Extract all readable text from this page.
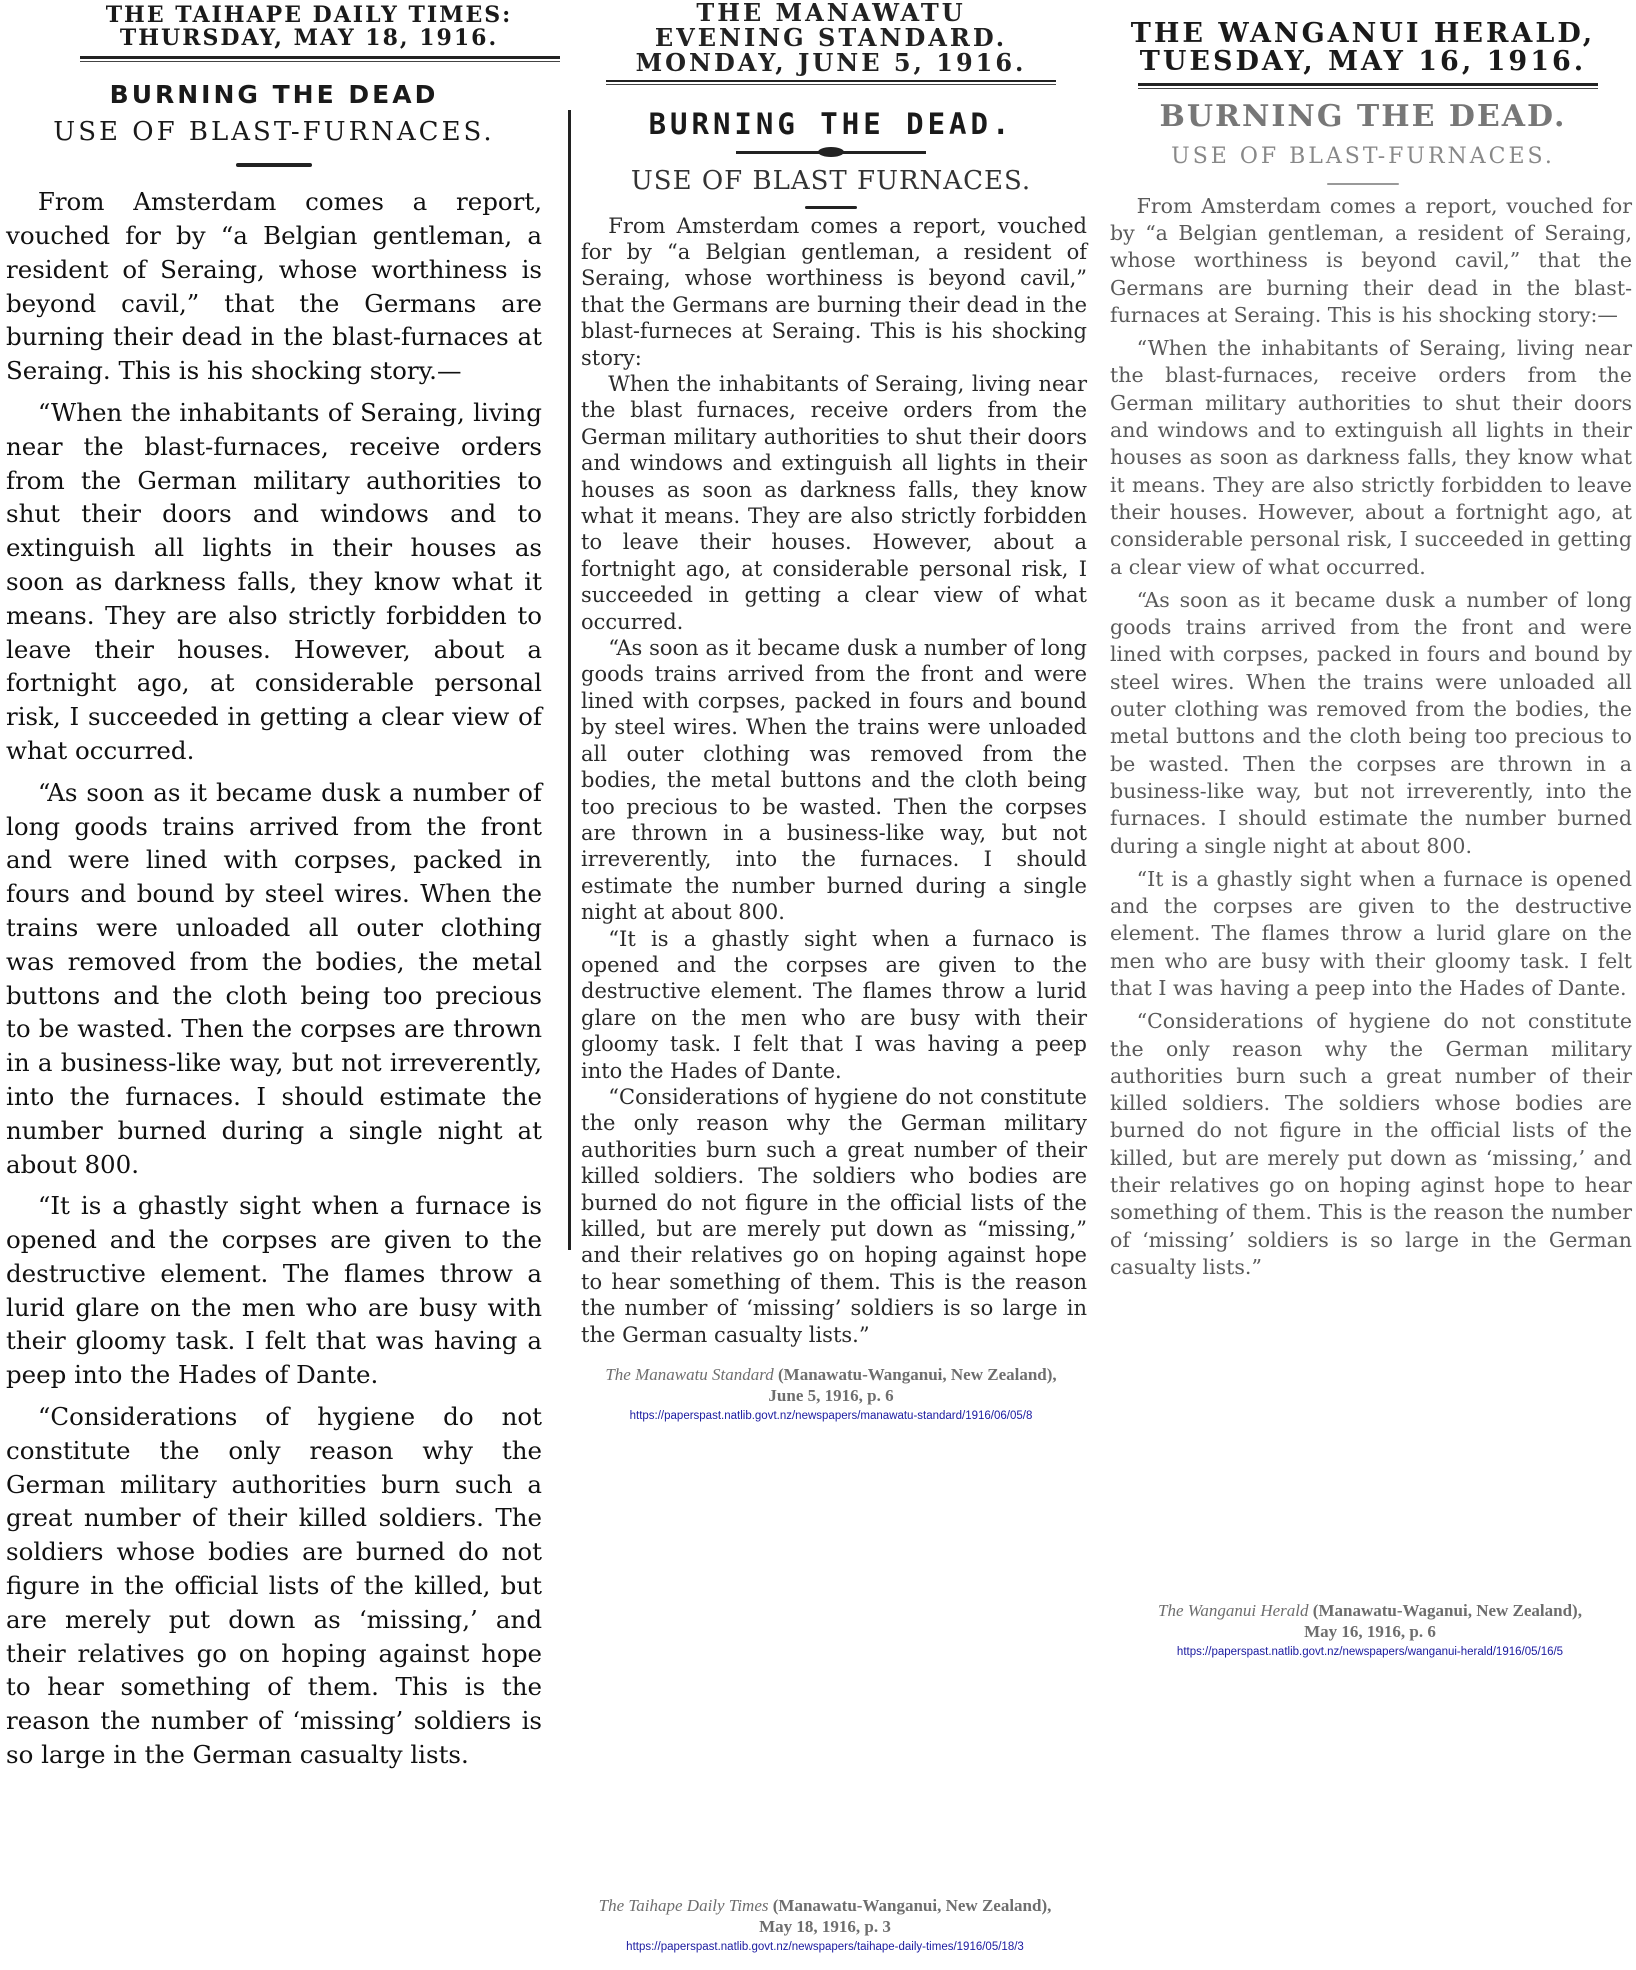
THE TAIHAPE DAILY TIMES:
THURSDAY, MAY 18, 1916.
BURNING THE DEAD
USE OF BLAST-FURNACES.

From Amsterdam comes a report, vouched for by “a Belgian gentleman, a resident of Seraing, whose worthiness is beyond cavil,” that the Germans are burning their dead in the blast-furnaces at Seraing. This is his shocking story.—

“When the inhabitants of Seraing, living near the blast-furnaces, receive orders from the German military authorities to shut their doors and windows and to extinguish all lights in their houses as soon as darkness falls, they know what it means. They are also strictly forbidden to leave their houses. However, about a fortnight ago, at considerable personal risk, I succeeded in getting a clear view of what occurred.

“As soon as it became dusk a number of long goods trains arrived from the front and were lined with corpses, packed in fours and bound by steel wires. When the trains were unloaded all outer clothing was removed from the bodies, the metal buttons and the cloth being too precious to be wasted. Then the corpses are thrown in a business-like way, but not irreverently, into the furnaces. I should estimate the number burned during a single night at about 800.

“It is a ghastly sight when a furnace is opened and the corpses are given to the destructive element. The flames throw a lurid glare on the men who are busy with their gloomy task. I felt that was having a peep into the Hades of Dante.

“Considerations of hygiene do not constitute the only reason why the German military authorities burn such a great number of their killed soldiers. The soldiers whose bodies are burned do not figure in the official lists of the killed, but are merely put down as ‘missing,’ and their relatives go on hoping against hope to hear something of them. This is the reason the number of ‘missing’ soldiers is so large in the German casualty lists.

THE MANAWATU
EVENING STANDARD.
MONDAY, JUNE 5, 1916.
BURNING THE DEAD.
USE OF BLAST FURNACES.

From Amsterdam comes a report, vouched for by “a Belgian gentleman, a resident of Seraing, whose worthiness is beyond cavil,” that the Germans are burning their dead in the blast-furneces at Seraing. This is his shocking story:

When the inhabitants of Seraing, living near the blast furnaces, receive orders from the German military authorities to shut their doors and windows and extinguish all lights in their houses as soon as darkness falls, they know what it means. They are also strictly forbidden to leave their houses. However, about a fortnight ago, at considerable personal risk, I succeeded in getting a clear view of what occurred.

“As soon as it became dusk a number of long goods trains arrived from the front and were lined with corpses, packed in fours and bound by steel wires. When the trains were unloaded all outer clothing was removed from the bodies, the metal buttons and the cloth being too precious to be wasted. Then the corpses are thrown in a business-like way, but not irreverently, into the furnaces. I should estimate the number burned during a single night at about 800.

“It is a ghastly sight when a furnaco is opened and the corpses are given to the destructive element. The flames throw a lurid glare on the men who are busy with their gloomy task. I felt that I was having a peep into the Hades of Dante.

“Considerations of hygiene do not constitute the only reason why the German military authorities burn such a great number of their killed soldiers. The soldiers who bodies are burned do not figure in the official lists of the killed, but are merely put down as “missing,” and their relatives go on hoping against hope to hear something of them. This is the reason the number of ‘missing’ soldiers is so large in the German casualty lists.”

The Manawatu Standard (Manawatu-Wanganui, New Zealand),
June 5, 1916, p. 6
https://paperspast.natlib.govt.nz/newspapers/manawatu-standard/1916/06/05/8
THE WANGANUI HERALD,
TUESDAY, MAY 16, 1916.
BURNING THE DEAD.
USE OF BLAST-FURNACES.

From Amsterdam comes a report, vouched for by “a Belgian gentleman, a resident of Seraing, whose worthiness is beyond cavil,” that the Germans are burning their dead in the blast-furnaces at Seraing. This is his shocking story:—

“When the inhabitants of Seraing, living near the blast-furnaces, receive orders from the German military authorities to shut their doors and windows and to extinguish all lights in their houses as soon as darkness falls, they know what it means. They are also strictly forbidden to leave their houses. However, about a fortnight ago, at considerable personal risk, I succeeded in getting a clear view of what occurred.

“As soon as it became dusk a number of long goods trains arrived from the front and were lined with corpses, packed in fours and bound by steel wires. When the trains were unloaded all outer clothing was removed from the bodies, the metal buttons and the cloth being too precious to be wasted. Then the corpses are thrown in a business-like way, but not irreverently, into the furnaces. I should estimate the number burned during a single night at about 800.

“It is a ghastly sight when a furnace is opened and the corpses are given to the destructive element. The flames throw a lurid glare on the men who are busy with their gloomy task. I felt that I was having a peep into the Hades of Dante.

“Considerations of hygiene do not constitute the only reason why the German military authorities burn such a great number of their killed soldiers. The soldiers whose bodies are burned do not figure in the official lists of the killed, but are merely put down as ‘missing,’ and their relatives go on hoping aginst hope to hear something of them. This is the reason the number of ‘missing’ soldiers is so large in the German casualty lists.”

The Wanganui Herald (Manawatu-Waganui, New Zealand),
May 16, 1916, p. 6
https://paperspast.natlib.govt.nz/newspapers/wanganui-herald/1916/05/16/5
The Taihape Daily Times (Manawatu-Wanganui, New Zealand),
May 18, 1916, p. 3
https://paperspast.natlib.govt.nz/newspapers/taihape-daily-times/1916/05/18/3
